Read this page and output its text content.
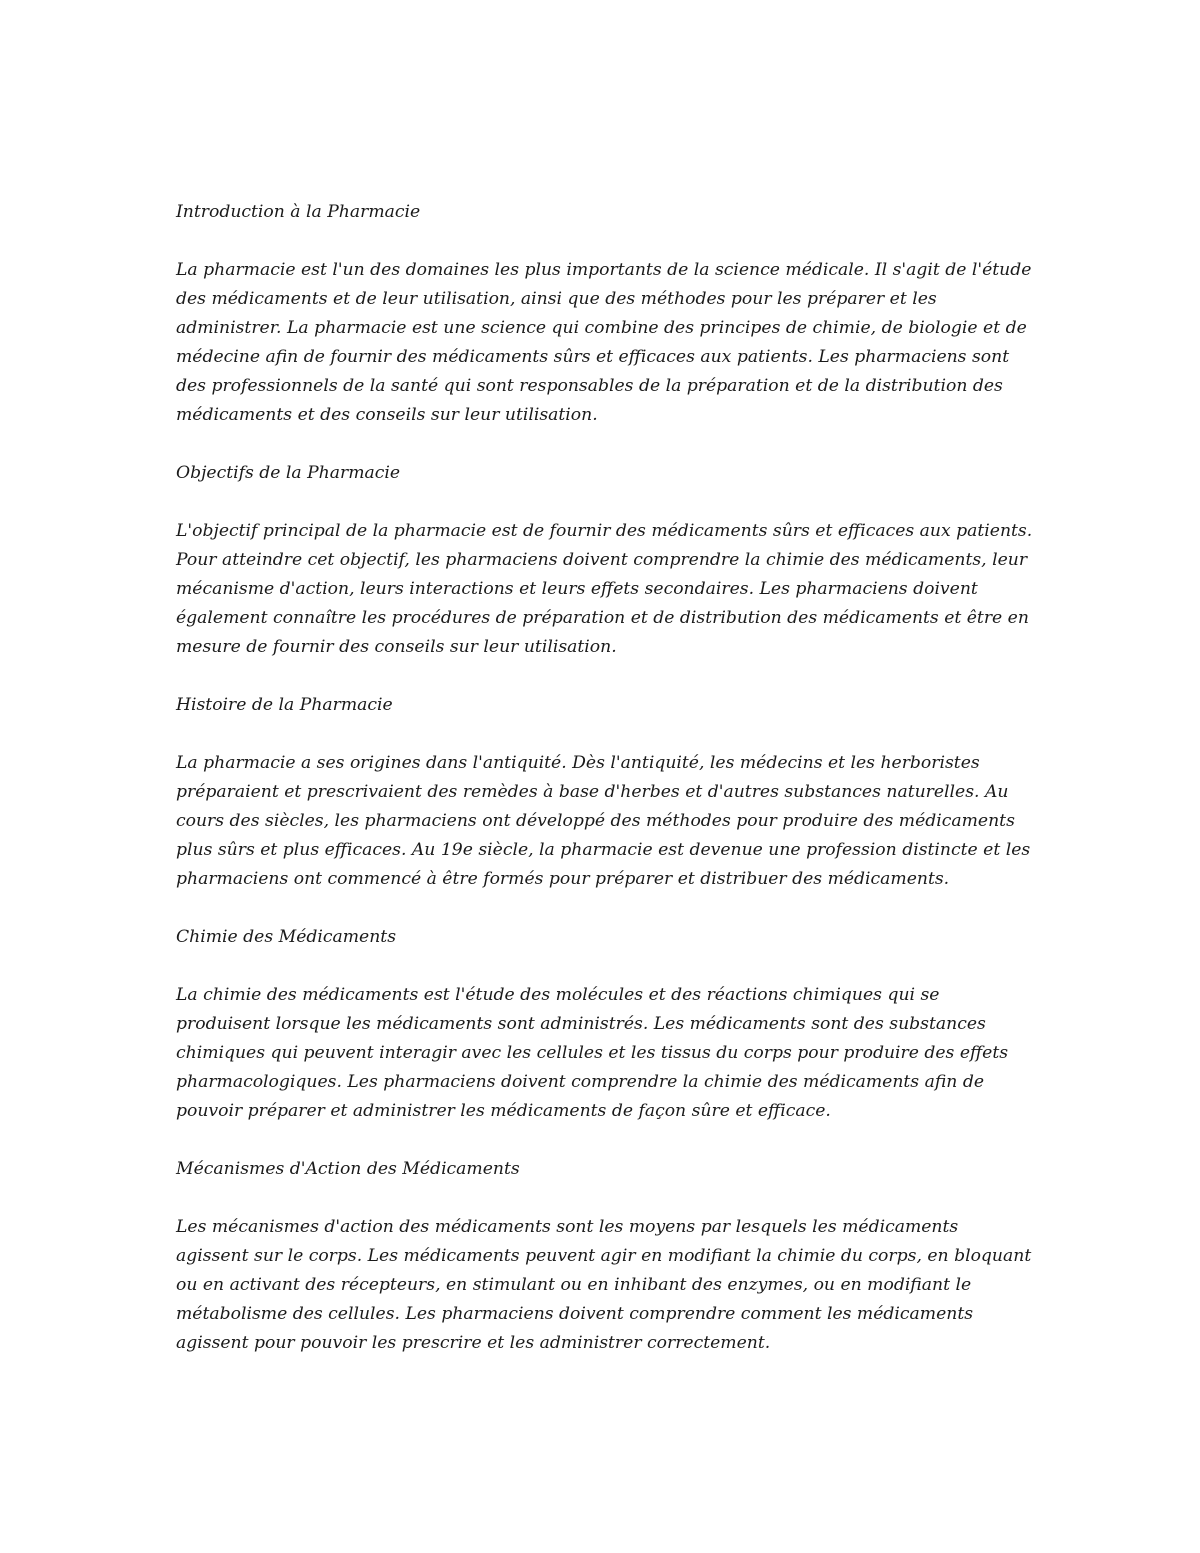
Introduction à la Pharmacie

La pharmacie est l'un des domaines les plus importants de la science médicale. Il s'agit de l'étude des médicaments et de leur utilisation, ainsi que des méthodes pour les préparer et les administrer. La pharmacie est une science qui combine des principes de chimie, de biologie et de médecine afin de fournir des médicaments sûrs et efficaces aux patients. Les pharmaciens sont des professionnels de la santé qui sont responsables de la préparation et de la distribution des médicaments et des conseils sur leur utilisation.

Objectifs de la Pharmacie

L'objectif principal de la pharmacie est de fournir des médicaments sûrs et efficaces aux patients. Pour atteindre cet objectif, les pharmaciens doivent comprendre la chimie des médicaments, leur mécanisme d'action, leurs interactions et leurs effets secondaires. Les pharmaciens doivent également connaître les procédures de préparation et de distribution des médicaments et être en mesure de fournir des conseils sur leur utilisation.

Histoire de la Pharmacie

La pharmacie a ses origines dans l'antiquité. Dès l'antiquité, les médecins et les herboristes préparaient et prescrivaient des remèdes à base d'herbes et d'autres substances naturelles. Au cours des siècles, les pharmaciens ont développé des méthodes pour produire des médicaments plus sûrs et plus efficaces. Au 19e siècle, la pharmacie est devenue une profession distincte et les pharmaciens ont commencé à être formés pour préparer et distribuer des médicaments.

Chimie des Médicaments

La chimie des médicaments est l'étude des molécules et des réactions chimiques qui se produisent lorsque les médicaments sont administrés. Les médicaments sont des substances chimiques qui peuvent interagir avec les cellules et les tissus du corps pour produire des effets pharmacologiques. Les pharmaciens doivent comprendre la chimie des médicaments afin de pouvoir préparer et administrer les médicaments de façon sûre et efficace.

Mécanismes d'Action des Médicaments

Les mécanismes d'action des médicaments sont les moyens par lesquels les médicaments agissent sur le corps. Les médicaments peuvent agir en modifiant la chimie du corps, en bloquant ou en activant des récepteurs, en stimulant ou en inhibant des enzymes, ou en modifiant le métabolisme des cellules. Les pharmaciens doivent comprendre comment les médicaments agissent pour pouvoir les prescrire et les administrer correctement.
